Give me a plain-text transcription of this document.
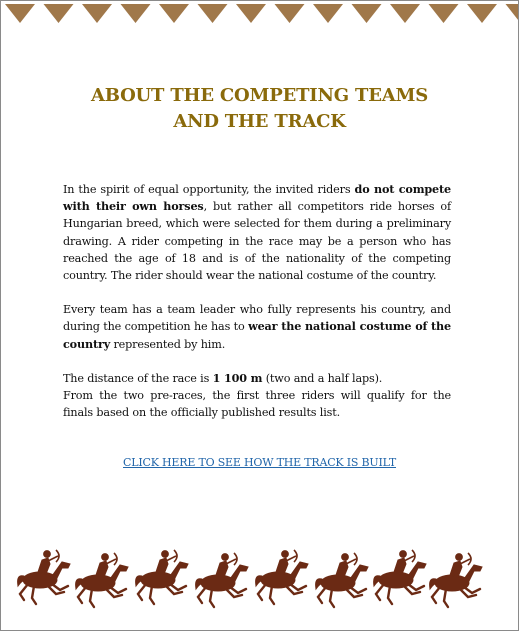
ABOUT THE COMPETING TEAMS
AND THE TRACK

In the spirit of equal opportunity, the invited riders do not compete with their own horses, but rather all competitors ride horses of Hungarian breed, which were selected for them during a preliminary drawing. A rider competing in the race may be a person who has reached the age of 18 and is of the nationality of the competing country. The rider should wear the national costume of the country.

Every team has a team leader who fully represents his country, and during the competition he has to wear the national costume of the country represented by him.

The distance of the race is 1 100 m (two and a half laps).

From the two pre-races, the first three riders will qualify for the finals based on the officially published results list.

CLICK HERE TO SEE HOW THE TRACK IS BUILT
